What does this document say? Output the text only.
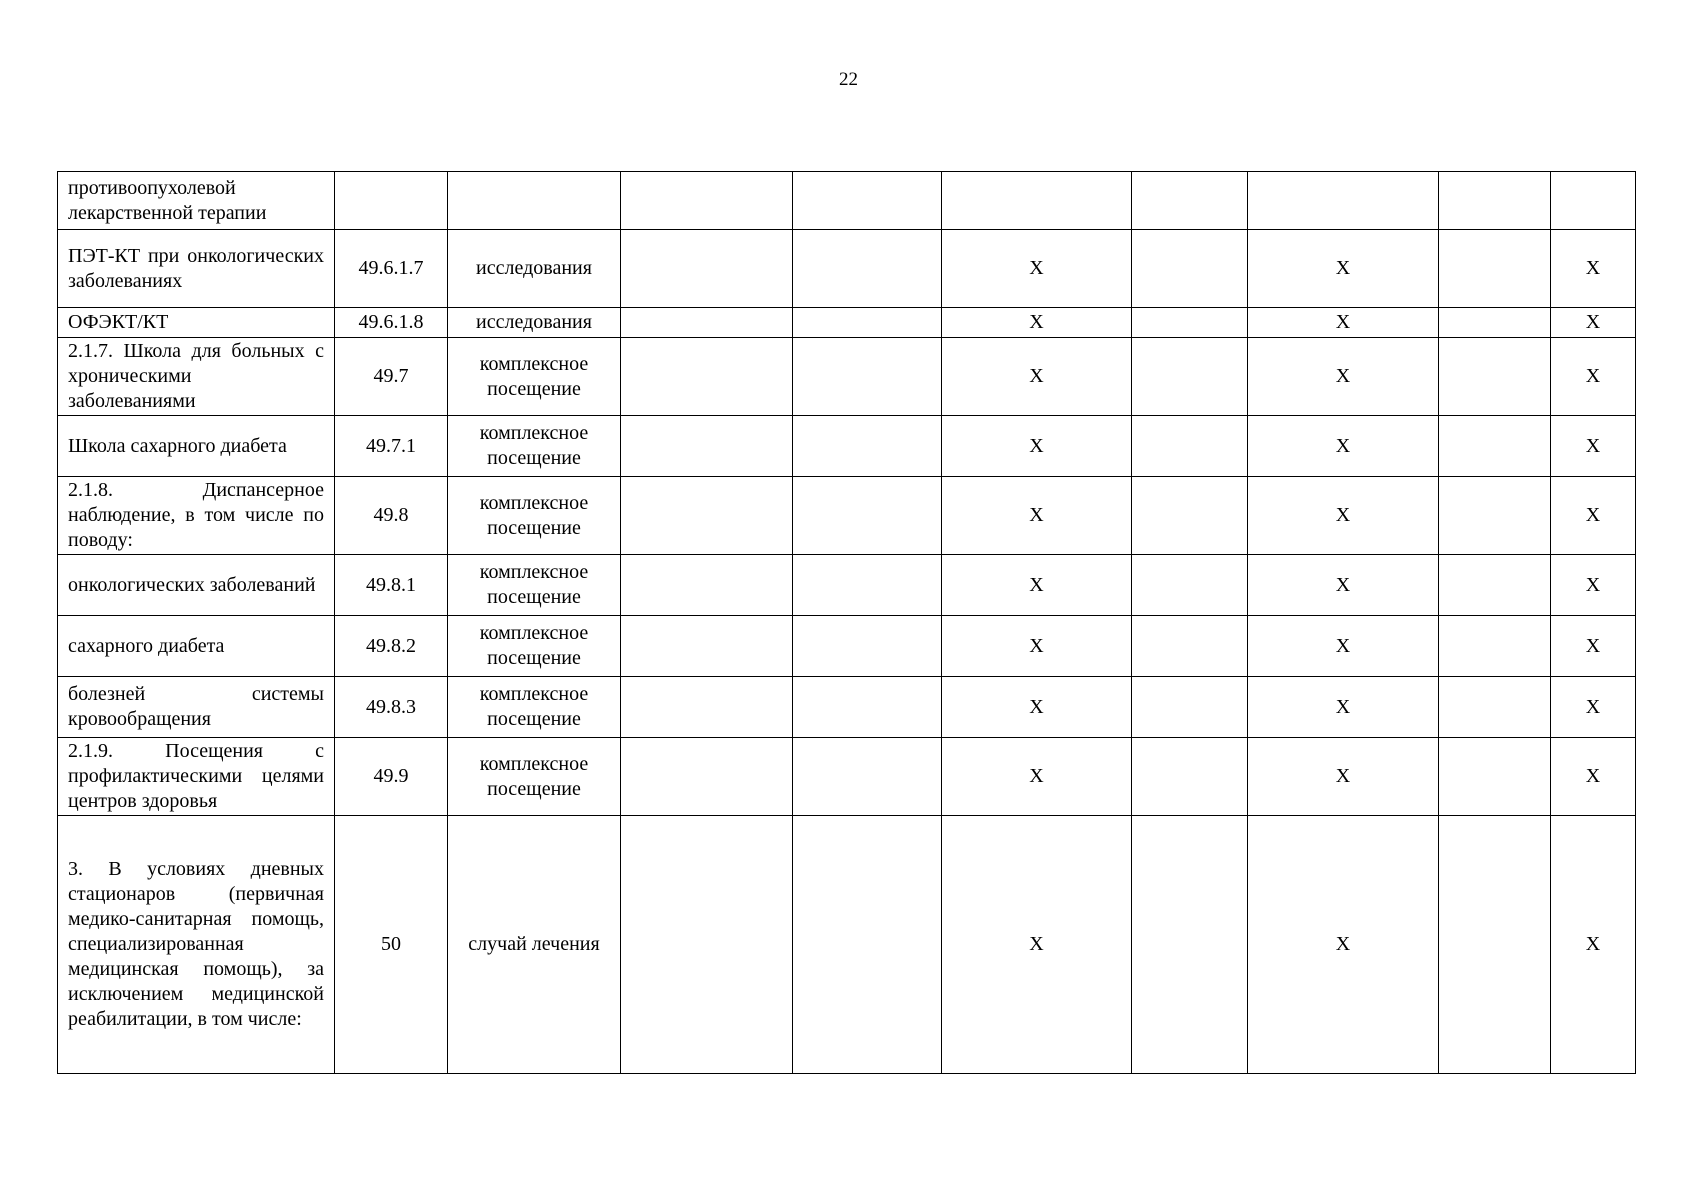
22
противоопухолевой лекарственной терапии									
ПЭТ-КТ при онкологических заболеваниях	49.6.1.7	исследования			X		X		X
ОФЭКТ/КТ	49.6.1.8	исследования			X		X		X
2.1.7. Школа для больных с хроническими заболеваниями	49.7	комплексное посещение			X		X		X
Школа сахарного диабета	49.7.1	комплексное посещение			X		X		X
2.1.8. Диспансерное наблюдение, в том числе по поводу:	49.8	комплексное посещение			X		X		X
онкологических заболеваний	49.8.1	комплексное посещение			X		X		X
сахарного диабета	49.8.2	комплексное посещение			X		X		X
болезней системы кровообращения	49.8.3	комплексное посещение			X		X		X
2.1.9. Посещения с профилактическими целями центров здоровья	49.9	комплексное посещение			X		X		X
3. В условиях дневных стационаров (первичная медико-санитарная помощь, специализированная медицинская помощь), за исключением медицинской реабилитации, в том числе:	50	случай лечения			X		X		X
